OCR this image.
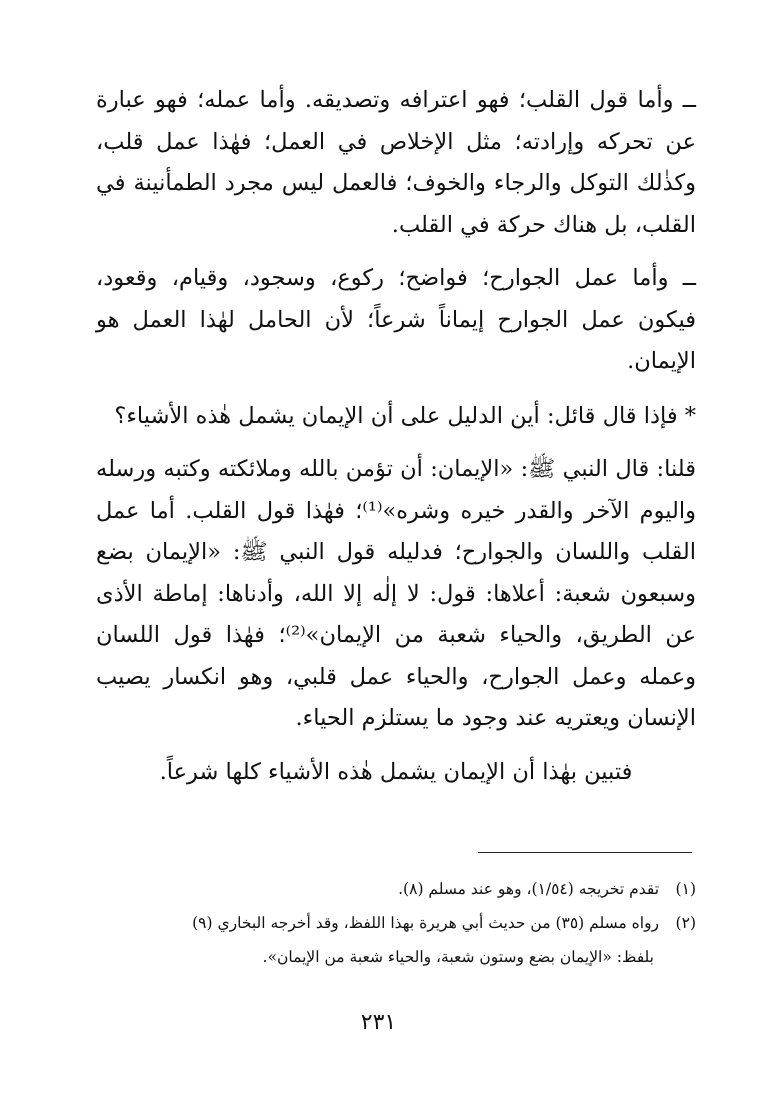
ــ وأما قول القلب؛ فهو اعترافه وتصديقه. وأما عمله؛ فهو عبارة عن تحركه وإرادته؛ مثل الإخلاص في العمل؛ فهٰذا عمل قلب، وكذٰلك التوكل والرجاء والخوف؛ فالعمل ليس مجرد الطمأنينة في القلب، بل هناك حركة في القلب.

ــ وأما عمل الجوارح؛ فواضح؛ ركوع، وسجود، وقيام، وقعود، فيكون عمل الجوارح إيماناً شرعاً؛ لأن الحامل لهٰذا العمل هو الإيمان.

* فإذا قال قائل: أين الدليل على أن الإيمان يشمل هٰذه الأشياء؟

قلنا: قال النبي ﷺ: «الإيمان: أن تؤمن بالله وملائكته وكتبه ورسله واليوم الآخر والقدر خيره وشره»⁽¹⁾؛ فهٰذا قول القلب. أما عمل القلب واللسان والجوارح؛ فدليله قول النبي ﷺ: «الإيمان بضع وسبعون شعبة: أعلاها: قول: لا إلٰه إلا الله، وأدناها: إماطة الأذى عن الطريق، والحياء شعبة من الإيمان»⁽²⁾؛ فهٰذا قول اللسان وعمله وعمل الجوارح، والحياء عمل قلبي، وهو انكسار يصيب الإنسان ويعتريه عند وجود ما يستلزم الحياء.

فتبين بهٰذا أن الإيمان يشمل هٰذه الأشياء كلها شرعاً.

(١) تقدم تخريجه (١/٥٤)، وهو عند مسلم (٨).

(٢) رواه مسلم (٣٥) من حديث أبي هريرة بهذا اللفظ، وقد أخرجه البخاري (٩)

بلفظ: «الإيمان بضع وستون شعبة، والحياء شعبة من الإيمان».

٢٣١
